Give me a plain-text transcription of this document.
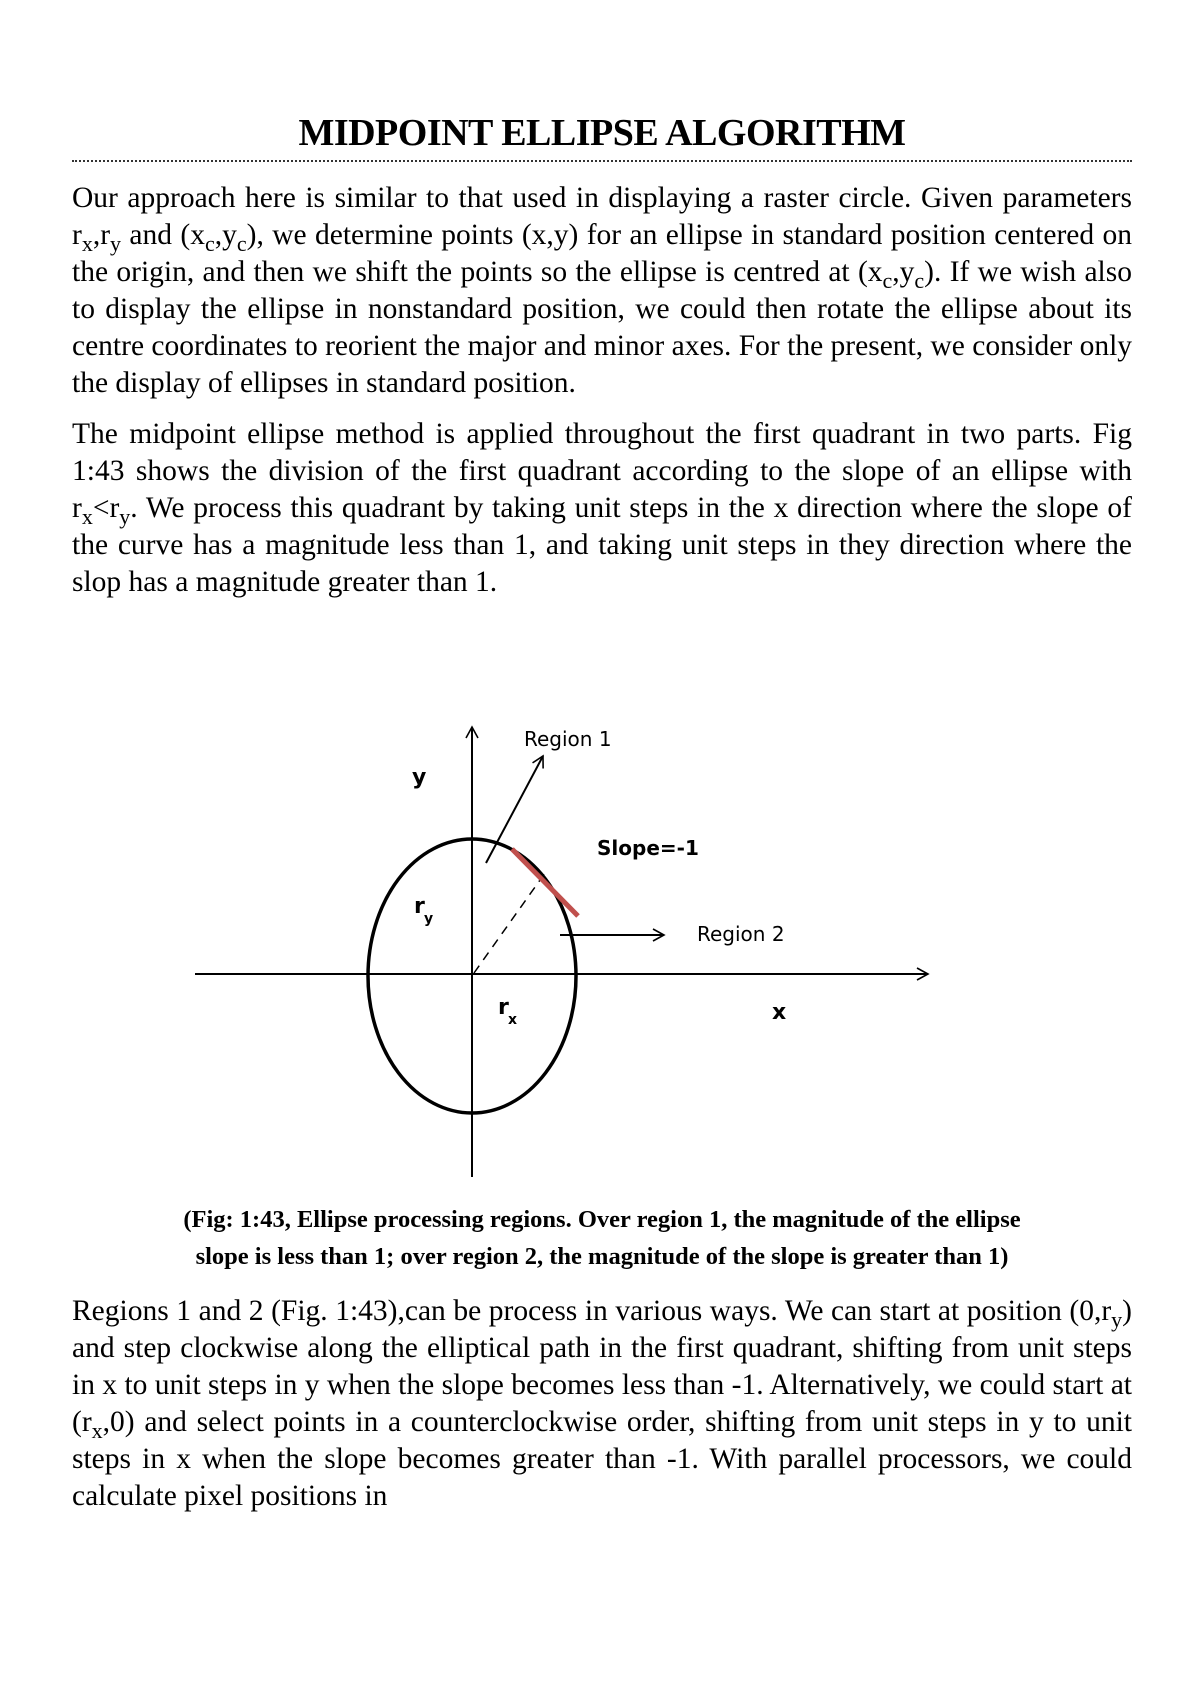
MIDPOINT ELLIPSE ALGORITHM

Our approach here is similar to that used in displaying a raster circle. Given parameters $r_x,r_y$ and $(x_c,y_c)$, we determine points (x,y) for an ellipse in standard position centered on the origin, and then we shift the points so the ellipse is centred at $(x_c,y_c)$. If we wish also to display the ellipse in nonstandard position, we could then rotate the ellipse about its centre coordinates to reorient the major and minor axes. For the present, we consider only the display of ellipses in standard position.

The midpoint ellipse method is applied throughout the first quadrant in two parts. Fig 1:43 shows the division of the first quadrant according to the slope of an ellipse with $r_x<r_y$. We process this quadrant by taking unit steps in the x direction where the slope of the curve has a magnitude less than 1, and taking unit steps in they direction where the slop has a magnitude greater than 1.

Region 1
Slope=-1
Region 2
y
x
r y
r x

(Fig: 1:43, Ellipse processing regions. Over region 1, the magnitude of the ellipse
slope is less than 1; over region 2, the magnitude of the slope is greater than 1)

Regions 1 and 2 (Fig. 1:43),can be process in various ways. We can start at position $(0,r_y)$ and step clockwise along the elliptical path in the first quadrant, shifting from unit steps in x to unit steps in y when the slope becomes less than -1. Alternatively, we could start at $(r_x,0)$ and select points in a counterclockwise order, shifting from unit steps in y to unit steps in x when the slope becomes greater than -1. With parallel processors, we could calculate pixel positions in
